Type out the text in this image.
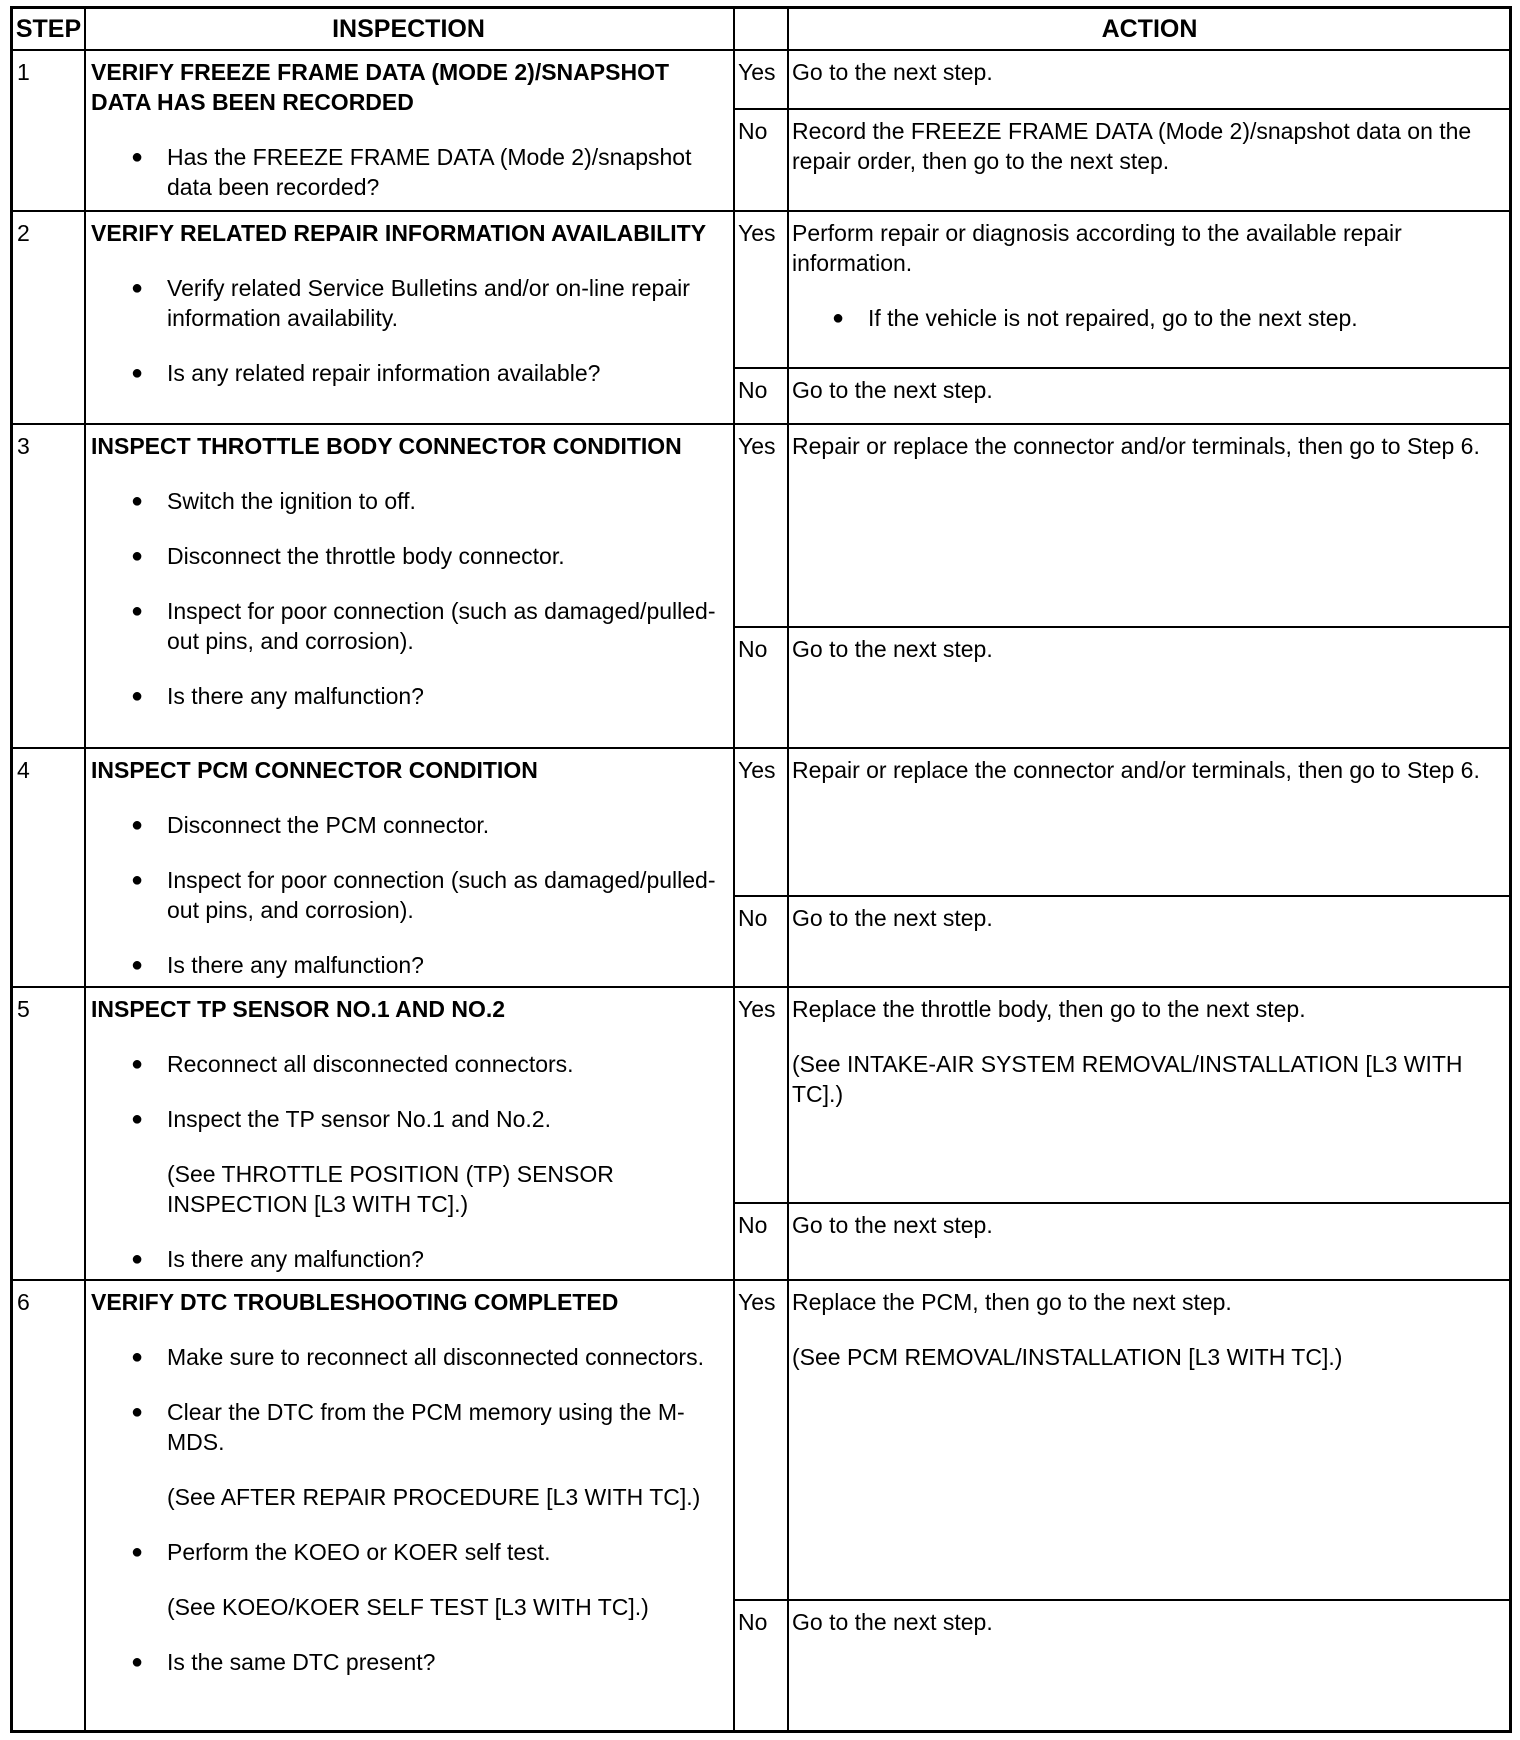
STEP	INSPECTION	ACTION
1	VERIFY FREEZE FRAME DATA (MODE 2)/SNAPSHOT DATA HAS BEEN RECORDED
● Has the FREEZE FRAME DATA (Mode 2)/snapshot data been recorded?
Yes Go to the next step.
No Record the FREEZE FRAME DATA (Mode 2)/snapshot data on the repair order, then go to the next step.
2	VERIFY RELATED REPAIR INFORMATION AVAILABILITY
● Verify related Service Bulletins and/or on-line repair information availability.
● Is any related repair information available?
Yes Perform repair or diagnosis according to the available repair information.
● If the vehicle is not repaired, go to the next step.
No Go to the next step.
3	INSPECT THROTTLE BODY CONNECTOR CONDITION
● Switch the ignition to off.
● Disconnect the throttle body connector.
● Inspect for poor connection (such as damaged/pulled-out pins, and corrosion).
● Is there any malfunction?
Yes Repair or replace the connector and/or terminals, then go to Step 6.
No Go to the next step.
4	INSPECT PCM CONNECTOR CONDITION
● Disconnect the PCM connector.
● Inspect for poor connection (such as damaged/pulled-out pins, and corrosion).
● Is there any malfunction?
Yes Repair or replace the connector and/or terminals, then go to Step 6.
No Go to the next step.
5	INSPECT TP SENSOR NO.1 AND NO.2
● Reconnect all disconnected connectors.
● Inspect the TP sensor No.1 and No.2.
(See THROTTLE POSITION (TP) SENSOR INSPECTION [L3 WITH TC].)
● Is there any malfunction?
Yes Replace the throttle body, then go to the next step.
(See INTAKE-AIR SYSTEM REMOVAL/INSTALLATION [L3 WITH TC].)
No Go to the next step.
6	VERIFY DTC TROUBLESHOOTING COMPLETED
● Make sure to reconnect all disconnected connectors.
● Clear the DTC from the PCM memory using the M-MDS.
(See AFTER REPAIR PROCEDURE [L3 WITH TC].)
● Perform the KOEO or KOER self test.
(See KOEO/KOER SELF TEST [L3 WITH TC].)
● Is the same DTC present?
Yes Replace the PCM, then go to the next step.
(See PCM REMOVAL/INSTALLATION [L3 WITH TC].)
No Go to the next step.
